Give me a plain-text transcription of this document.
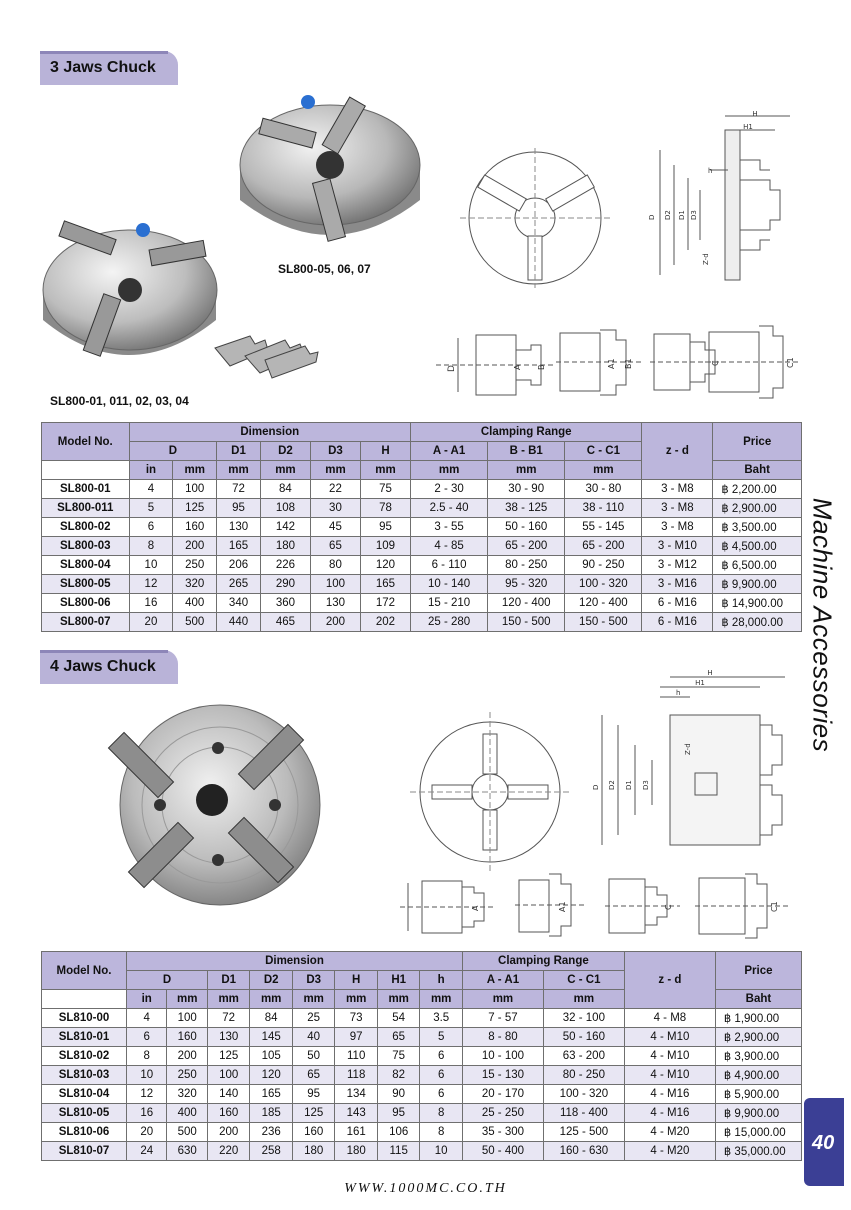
3 Jaws Chuck
SL800-05, 06, 07
SL800-01, 011, 02, 03, 04
H
H1
h
D D2 D1 D3
Z-d
D	A B	A1 B1	C	C1
Model No.	Dimension						Clamping Range			z - d	Price
	D		D1	D2	D3	H	A - A1	B - B1	C - C1		
	in	mm	mm	mm	mm	mm	mm	mm	mm		Baht
SL800-01	4	100	72	84	22	75	2 - 30	30 - 90	30 - 80	3 - M8	฿ 2,200.00
SL800-011	5	125	95	108	30	78	2.5 - 40	38 - 125	38 - 110	3 - M8	฿ 2,900.00
SL800-02	6	160	130	142	45	95	3 - 55	50 - 160	55 - 145	3 - M8	฿ 3,500.00
SL800-03	8	200	165	180	65	109	4 - 85	65 - 200	65 - 200	3 - M10	฿ 4,500.00
SL800-04	10	250	206	226	80	120	6 - 110	80 - 250	90 - 250	3 - M12	฿ 6,500.00
SL800-05	12	320	265	290	100	165	10 - 140	95 - 320	100 - 320	3 - M16	฿ 9,900.00
SL800-06	16	400	340	360	130	172	15 - 210	120 - 400	120 - 400	6 - M16	฿ 14,900.00
SL800-07	20	500	440	465	200	202	25 - 280	150 - 500	150 - 500	6 - M16	฿ 28,000.00
4 Jaws Chuck	H
H1
h
D D2 D1 D3
Z-d
A	A1	C	C1
Model No.	Dimension								Clamping Range		z - d	Price
	D		D1	D2	D3	H	H1	h	A - A1	C - C1		
	in	mm	mm	mm	mm	mm	mm	mm	mm	mm		Baht
SL810-00	4	100	72	84	25	73	54	3.5	7 - 57	32 - 100	4 - M8	฿ 1,900.00
SL810-01	6	160	130	145	40	97	65	5	8 - 80	50 - 160	4 - M10	฿ 2,900.00
SL810-02	8	200	125	105	50	110	75	6	10 - 100	63 - 200	4 - M10	฿ 3,900.00
SL810-03	10	250	100	120	65	118	82	6	15 - 130	80 - 250	4 - M10	฿ 4,900.00
SL810-04	12	320	140	165	95	134	90	6	20 - 170	100 - 320	4 - M16	฿ 5,900.00
SL810-05	16	400	160	185	125	143	95	8	25 - 250	118 - 400	4 - M16	฿ 9,900.00
SL810-06	20	500	200	236	160	161	106	8	35 - 300	125 - 500	4 - M20	฿ 15,000.00
SL810-07	24	630	220	258	180	180	115	10	50 - 400	160 - 630	4 - M20	฿ 35,000.00
Machine Accessories
40
WWW.1000MC.CO.TH
